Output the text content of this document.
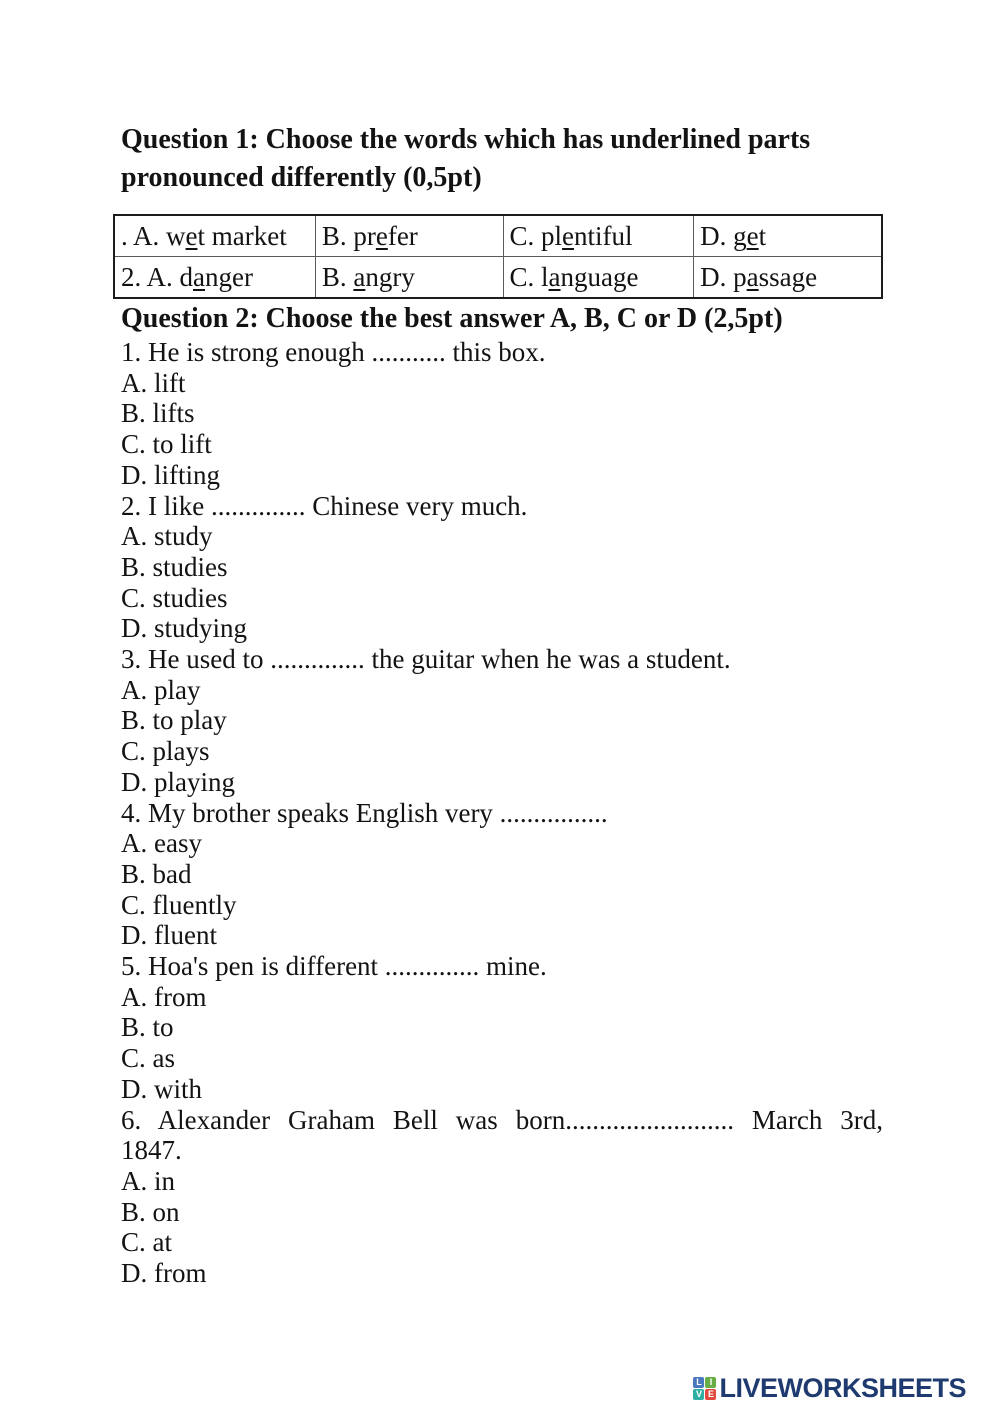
Question 1: Choose the words which has underlined parts
pronounced differently (0,5pt)
. A. wet market	B. prefer	C. plentiful	D. get
2. A. danger	B. angry	C. language	D. passage
Question 2: Choose the best answer A, B, C or D (2,5pt)
1. He is strong enough ........... this box.
A. lift
B. lifts
C. to lift
D. lifting
2. I like .............. Chinese very much.
A. study
B. studies
C. studies
D. studying
3. He used to .............. the guitar when he was a student.
A. play
B. to play
C. plays
D. playing
4. My brother speaks English very ................
A. easy
B. bad
C. fluently
D. fluent
5. Hoa's pen is different .............. mine.
A. from
B. to
C. as
D. with
6. Alexander Graham Bell was born......................... March 3rd,
1847.
A. in
B. on
C. at
D. from
L I
V E LIVEWORKSHEETS
